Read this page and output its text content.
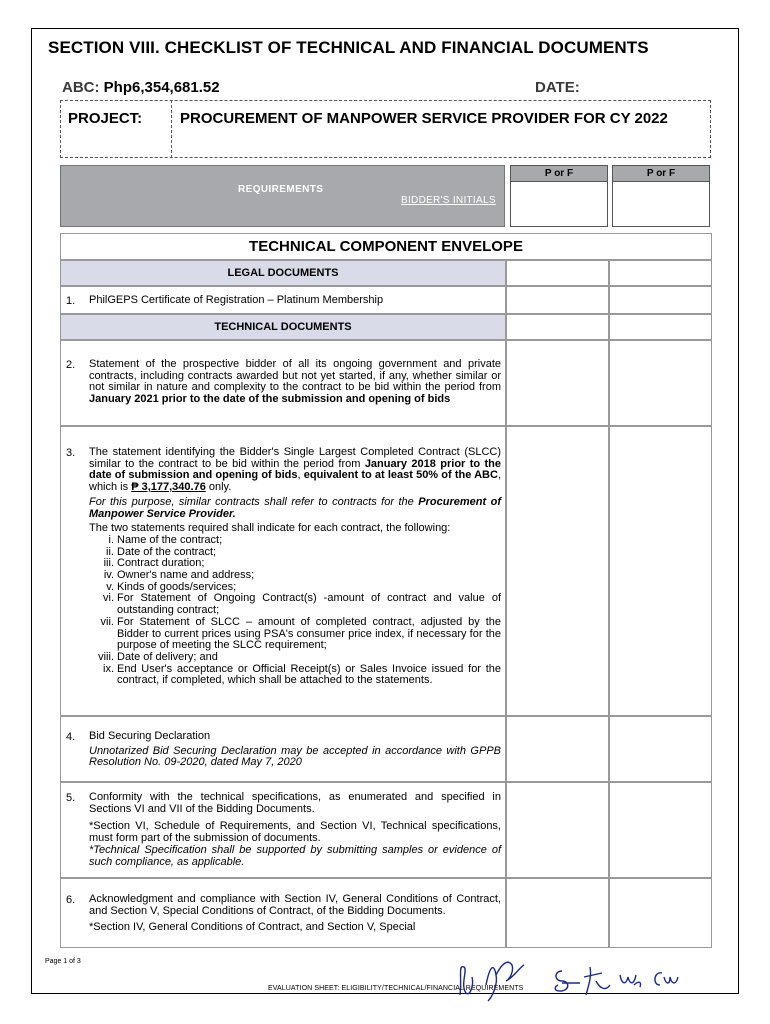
SECTION VIII. CHECKLIST OF TECHNICAL AND FINANCIAL DOCUMENTS
ABC: Php6,354,681.52	DATE:
PROJECT:	PROCUREMENT OF MANPOWER SERVICE PROVIDER FOR CY 2022
REQUIREMENTS
BIDDER'S INITIALS
P or F	P or F
TECHNICAL COMPONENT ENVELOPE
LEGAL DOCUMENTS
1. PhilGEPS Certificate of Registration – Platinum Membership
TECHNICAL DOCUMENTS
2. Statement of the prospective bidder of all its ongoing government and private contracts, including contracts awarded but not yet started, if any, whether similar or not similar in nature and complexity to the contract to be bid within the period from January 2021 prior to the date of the submission and opening of bids
3. The statement identifying the Bidder's Single Largest Completed Contract (SLCC) similar to the contract to be bid within the period from January 2018 prior to the date of submission and opening of bids, equivalent to at least 50% of the ABC, which is ₱ 3,177,340.76 only.

For this purpose, similar contracts shall refer to contracts for the Procurement of Manpower Service Provider.

The two statements required shall indicate for each contract, the following:

i. Name of the contract;
ii. Date of the contract;
iii. Contract duration;
iv. Owner's name and address;
v. Kinds of goods/services;
vi. For Statement of Ongoing Contract(s) -amount of contract and value of outstanding contract;
vii. For Statement of SLCC – amount of completed contract, adjusted by the Bidder to current prices using PSA's consumer price index, if necessary for the purpose of meeting the SLCC requirement;
viii. Date of delivery; and
ix. End User's acceptance or Official Receipt(s) or Sales Invoice issued for the contract, if completed, which shall be attached to the statements.
4. Bid Securing Declaration

Unnotarized Bid Securing Declaration may be accepted in accordance with GPPB Resolution No. 09-2020, dated May 7, 2020

5. Conformity with the technical specifications, as enumerated and specified in Sections VI and VII of the Bidding Documents.

*Section VI, Schedule of Requirements, and Section VI, Technical specifications, must form part of the submission of documents.

*Technical Specification shall be supported by submitting samples or evidence of such compliance, as applicable.

6. Acknowledgment and compliance with Section IV, General Conditions of Contract, and Section V, Special Conditions of Contract, of the Bidding Documents.

*Section IV, General Conditions of Contract, and Section V, Special

Page 1 of 3
EVALUATION SHEET: ELIGIBILITY/TECHNICAL/FINANCIAL REQUIREMENTS
